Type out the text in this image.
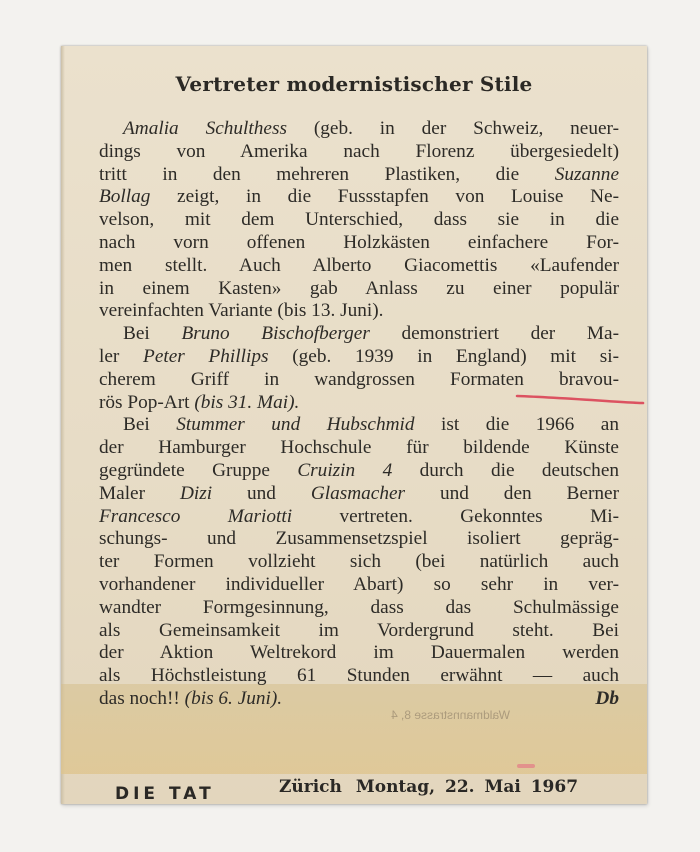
Vertreter modernistischer Stile
Amalia Schulthess (geb. in der Schweiz, neuer-
dings von Amerika nach Florenz übergesiedelt)
tritt in den mehreren Plastiken, die Suzanne
Bollag zeigt, in die Fussstapfen von Louise Ne-
velson, mit dem Unterschied, dass sie in die
nach vorn offenen Holzkästen einfachere For-
men stellt. Auch Alberto Giacomettis «Laufender
in einem Kasten» gab Anlass zu einer populär
vereinfachten Variante (bis 13. Juni).
Bei Bruno Bischofberger demonstriert der Ma-
ler Peter Phillips (geb. 1939 in England) mit si-
cherem Griff in wandgrossen Formaten bravou-
rös Pop-Art (bis 31. Mai).
Bei Stummer und Hubschmid ist die 1966 an
der Hamburger Hochschule für bildende Künste
gegründete Gruppe Cruizin 4 durch die deutschen
Maler Dizi und Glasmacher und den Berner
Francesco Mariotti vertreten. Gekonntes Mi-
schungs- und Zusammensetzspiel isoliert gepräg-
ter Formen vollzieht sich (bei natürlich auch
vorhandener individueller Abart) so sehr in ver-
wandter Formgesinnung, dass das Schulmässige
als Gemeinsamkeit im Vordergrund steht. Bei
der Aktion Weltrekord im Dauermalen werden
als Höchstleistung 61 Stunden erwähnt — auch
das noch!! (bis 6. Juni).	Db
Waldmannstrasse 8, 4
DIE TAT	Zürich Montag, 22. Mai 1967
